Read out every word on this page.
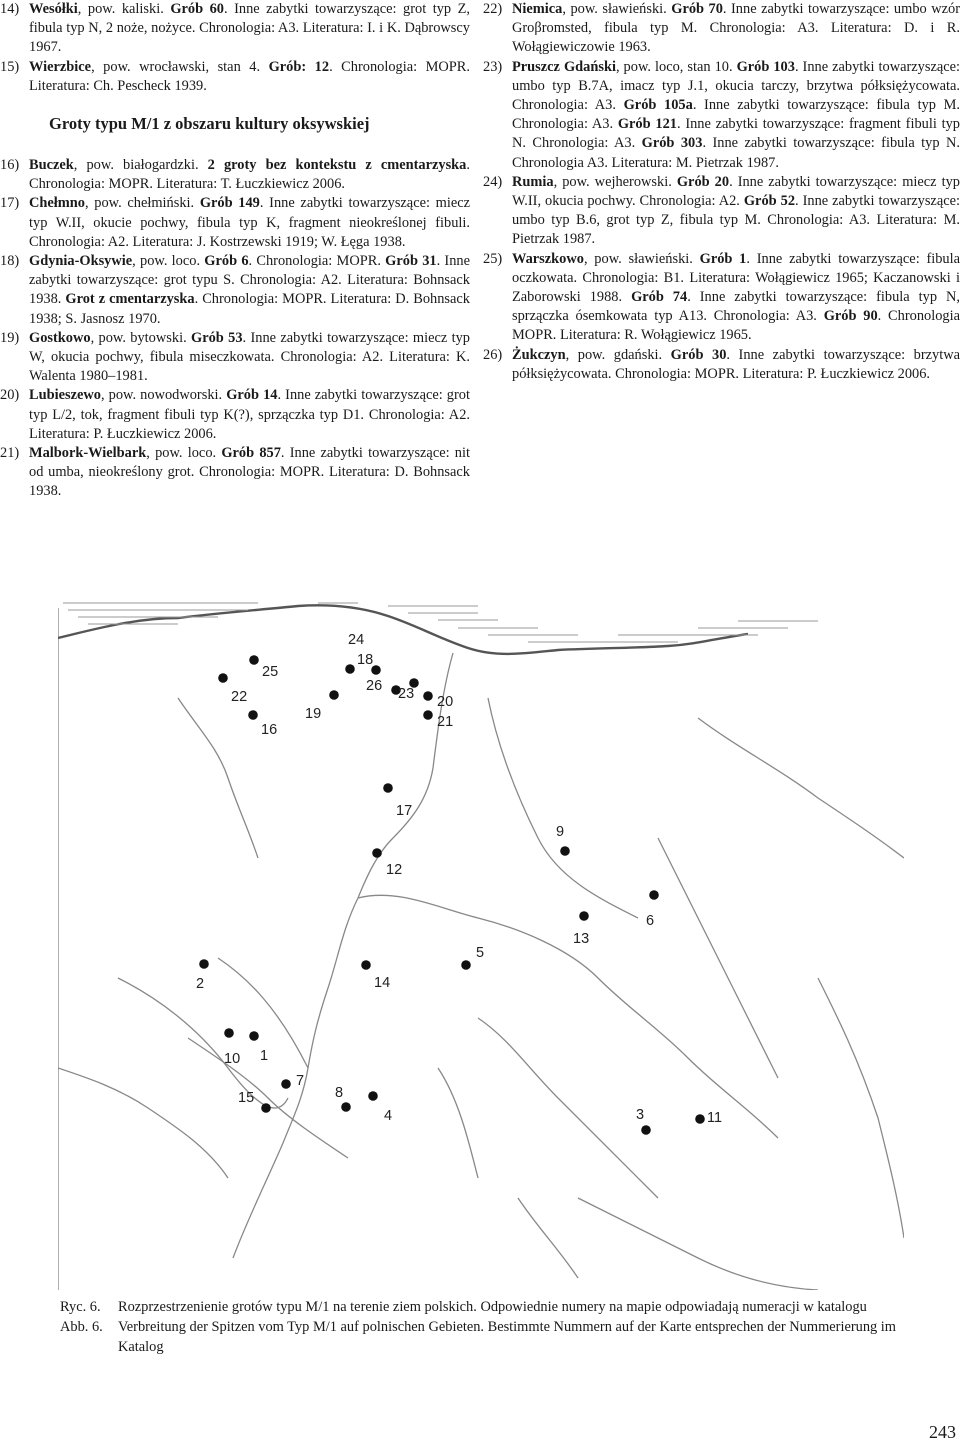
14) Wesółki, pow. kaliski. Grób 60. Inne zabytki towarzyszące: grot typ Z, fibula typ N, 2 noże, nożyce. Chronologia: A3. Literatura: I. i K. Dąbrowscy 1967.
15) Wierzbice, pow. wrocławski, stan 4. Grób: 12. Chronologia: MOPR. Literatura: Ch. Pescheck 1939.
Groty typu M/1 z obszaru kultury oksywskiej
16) Buczek, pow. białogardzki. 2 groty bez kontekstu z cmentarzyska. Chronologia: MOPR. Literatura: T. Łuczkiewicz 2006.
17) Chełmno, pow. chełmiński. Grób 149. Inne zabytki towarzyszące: miecz typ W.II, okucie pochwy, fibula typ K, fragment nieokreślonej fibuli. Chronologia: A2. Literatura: J. Kostrzewski 1919; W. Łęga 1938.
18) Gdynia-Oksywie, pow. loco. Grób 6. Chronologia: MOPR. Grób 31. Inne zabytki towarzyszące: grot typu S. Chronologia: A2. Literatura: Bohnsack 1938. Grot z cmentarzyska. Chronologia: MOPR. Literatura: D. Bohnsack 1938; S. Jasnosz 1970.
19) Gostkowo, pow. bytowski. Grób 53. Inne zabytki towarzyszące: miecz typ W, okucia pochwy, fibula miseczkowata. Chronologia: A2. Literatura: K. Walenta 1980–1981.
20) Lubieszewo, pow. nowodworski. Grób 14. Inne zabytki towarzyszące: grot typ L/2, tok, fragment fibuli typ K(?), sprzączka typ D1. Chronologia: A2. Literatura: P. Łuczkiewicz 2006.
21) Malbork-Wielbark, pow. loco. Grób 857. Inne zabytki towarzyszące: nit od umba, nieokreślony grot. Chronologia: MOPR. Literatura: D. Bohnsack 1938.
22) Niemica, pow. sławieński. Grób 70. Inne zabytki towarzyszące: umbo wzór Groβromsted, fibula typ M. Chronologia: A3. Literatura: D. i R. Wołągiewiczowie 1963.
23) Pruszcz Gdański, pow. loco, stan 10. Grób 103. Inne zabytki towarzyszące: umbo typ B.7A, imacz typ J.1, okucia tarczy, brzytwa półksiężycowata. Chronologia: A3. Grób 105a. Inne zabytki towarzyszące: fibula typ M. Chronologia: A3. Grób 121. Inne zabytki towarzyszące: fragment fibuli typ N. Chronologia: A3. Grób 303. Inne zabytki towarzyszące: fibula typ N. Chronologia A3. Literatura: M. Pietrzak 1987.
24) Rumia, pow. wejherowski. Grób 20. Inne zabytki towarzyszące: miecz typ W.II, okucia pochwy. Chronologia: A2. Grób 52. Inne zabytki towarzyszące: umbo typ B.6, grot typ Z, fibula typ M. Chronologia: A3. Literatura: M. Pietrzak 1987.
25) Warszkowo, pow. sławieński. Grób 1. Inne zabytki towarzyszące: fibula oczkowata. Chronologia: B1. Literatura: Wołągiewicz 1965; Kaczanowski i Zaborowski 1988. Grób 74. Inne zabytki towarzyszące: fibula typ N, sprzączka ósemkowata typ A13. Chronologia: A3. Grób 90. Chronologia MOPR. Literatura: R. Wołągiewicz 1965.
26) Żukczyn, pow. gdański. Grób 30. Inne zabytki towarzyszące: brzytwa półksiężycowata. Chronologia: MOPR. Literatura: P. Łuczkiewicz 2006.
24
18
25
26 23 20
22
19	21
16
17
9
12
6
13
2	14
5
10 1
7
8
15
4	3	11
Ryc. 6.	Rozprzestrzenienie grotów typu M/1 na terenie ziem polskich. Odpowiednie numery na mapie odpowiadają numeracji w katalogu
Abb. 6.	Verbreitung der Spitzen vom Typ M/1 auf polnischen Gebieten. Bestimmte Nummern auf der Karte entsprechen der Nummerierung im Katalog
243
